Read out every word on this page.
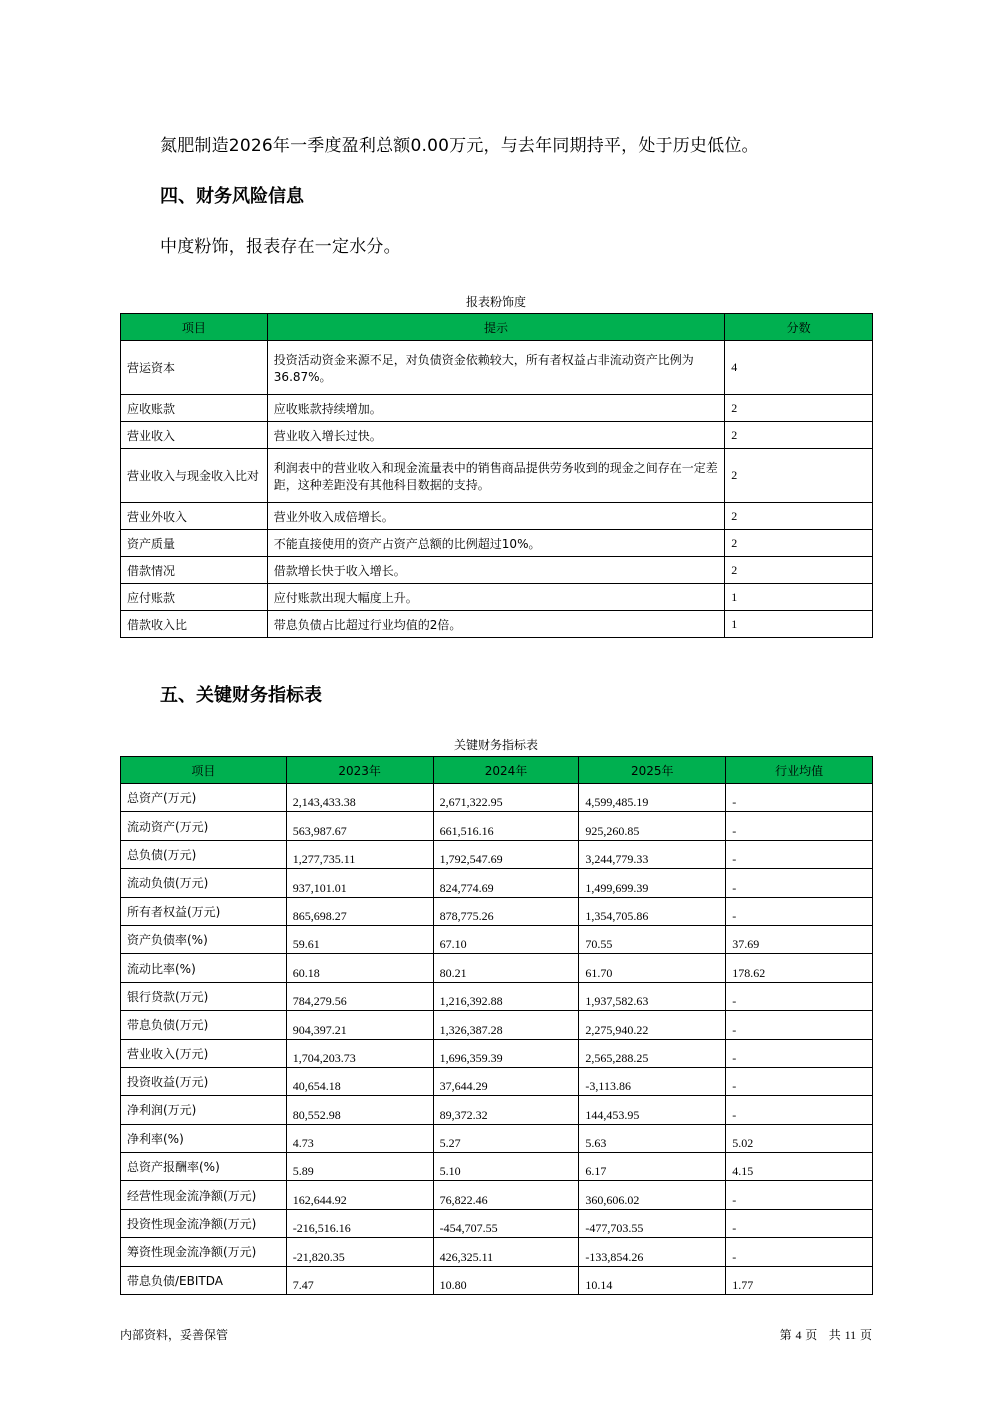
氮肥制造2026年一季度盈利总额0.00万元，与去年同期持平，处于历史低位。
四、财务风险信息
中度粉饰，报表存在一定水分。
报表粉饰度
项目	提示	分数
营运资本	投资活动资金来源不足，对负债资金依赖较大，所有者权益占非流动资产比例为36.87%。	4
应收账款	应收账款持续增加。	2
营业收入	营业收入增长过快。	2
营业收入与现金收入比对	利润表中的营业收入和现金流量表中的销售商品提供劳务收到的现金之间存在一定差距，这种差距没有其他科目数据的支持。	2
营业外收入	营业外收入成倍增长。	2
资产质量	不能直接使用的资产占资产总额的比例超过10%。	2
借款情况	借款增长快于收入增长。	2
应付账款	应付账款出现大幅度上升。	1
借款收入比	带息负债占比超过行业均值的2倍。	1
五、关键财务指标表
关键财务指标表
项目	2023年	2024年	2025年	行业均值
总资产(万元)	2,143,433.38	2,671,322.95	4,599,485.19	-
流动资产(万元)	563,987.67	661,516.16	925,260.85	-
总负债(万元)	1,277,735.11	1,792,547.69	3,244,779.33	-
流动负债(万元)	937,101.01	824,774.69	1,499,699.39	-
所有者权益(万元)	865,698.27	878,775.26	1,354,705.86	-
资产负债率(%)	59.61	67.10	70.55	37.69
流动比率(%)	60.18	80.21	61.70	178.62
银行贷款(万元)	784,279.56	1,216,392.88	1,937,582.63	-
带息负债(万元)	904,397.21	1,326,387.28	2,275,940.22	-
营业收入(万元)	1,704,203.73	1,696,359.39	2,565,288.25	-
投资收益(万元)	40,654.18	37,644.29	-3,113.86	-
净利润(万元)	80,552.98	89,372.32	144,453.95	-
净利率(%)	4.73	5.27	5.63	5.02
总资产报酬率(%)	5.89	5.10	6.17	4.15
经营性现金流净额(万元)	162,644.92	76,822.46	360,606.02	-
投资性现金流净额(万元)	-216,516.16	-454,707.55	-477,703.55	-
筹资性现金流净额(万元)	-21,820.35	426,325.11	-133,854.26	-
带息负债/EBITDA	7.47	10.80	10.14	1.77
内部资料，妥善保管	第 4 页 共 11 页
